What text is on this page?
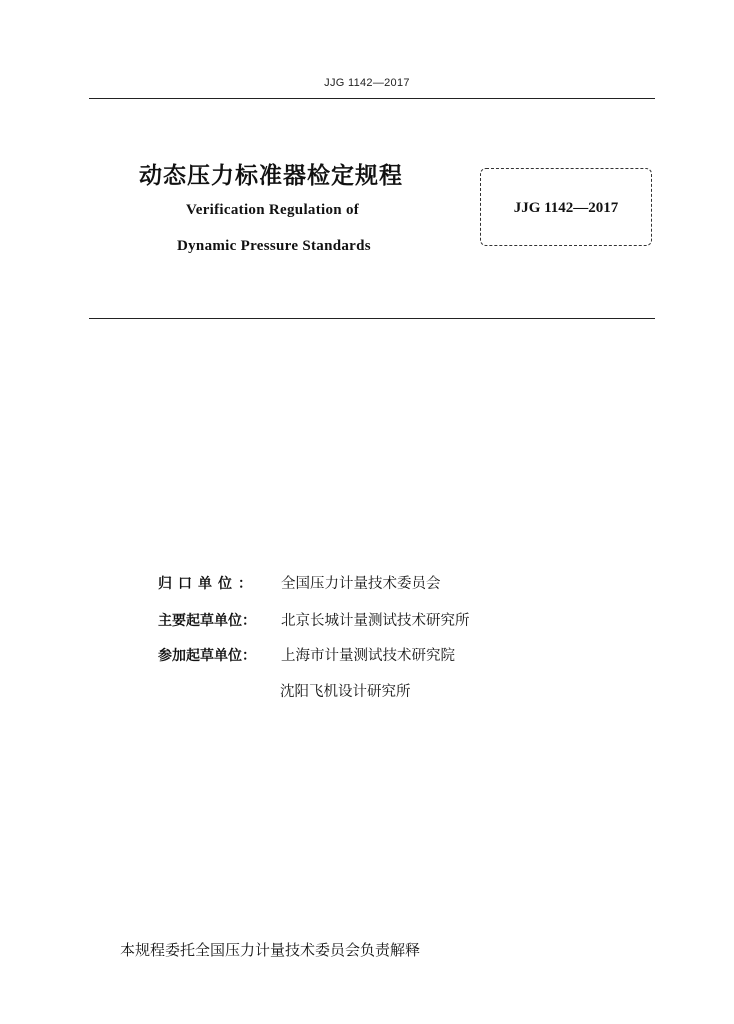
JJG 1142—2017
动态压力标准器检定规程
Verification Regulation of
Dynamic Pressure Standards
JJG 1142—2017
归口单位： 全国压力计量技术委员会
主要起草单位： 北京长城计量测试技术研究所
参加起草单位： 上海市计量测试技术研究院
沈阳飞机设计研究所
本规程委托全国压力计量技术委员会负责解释
